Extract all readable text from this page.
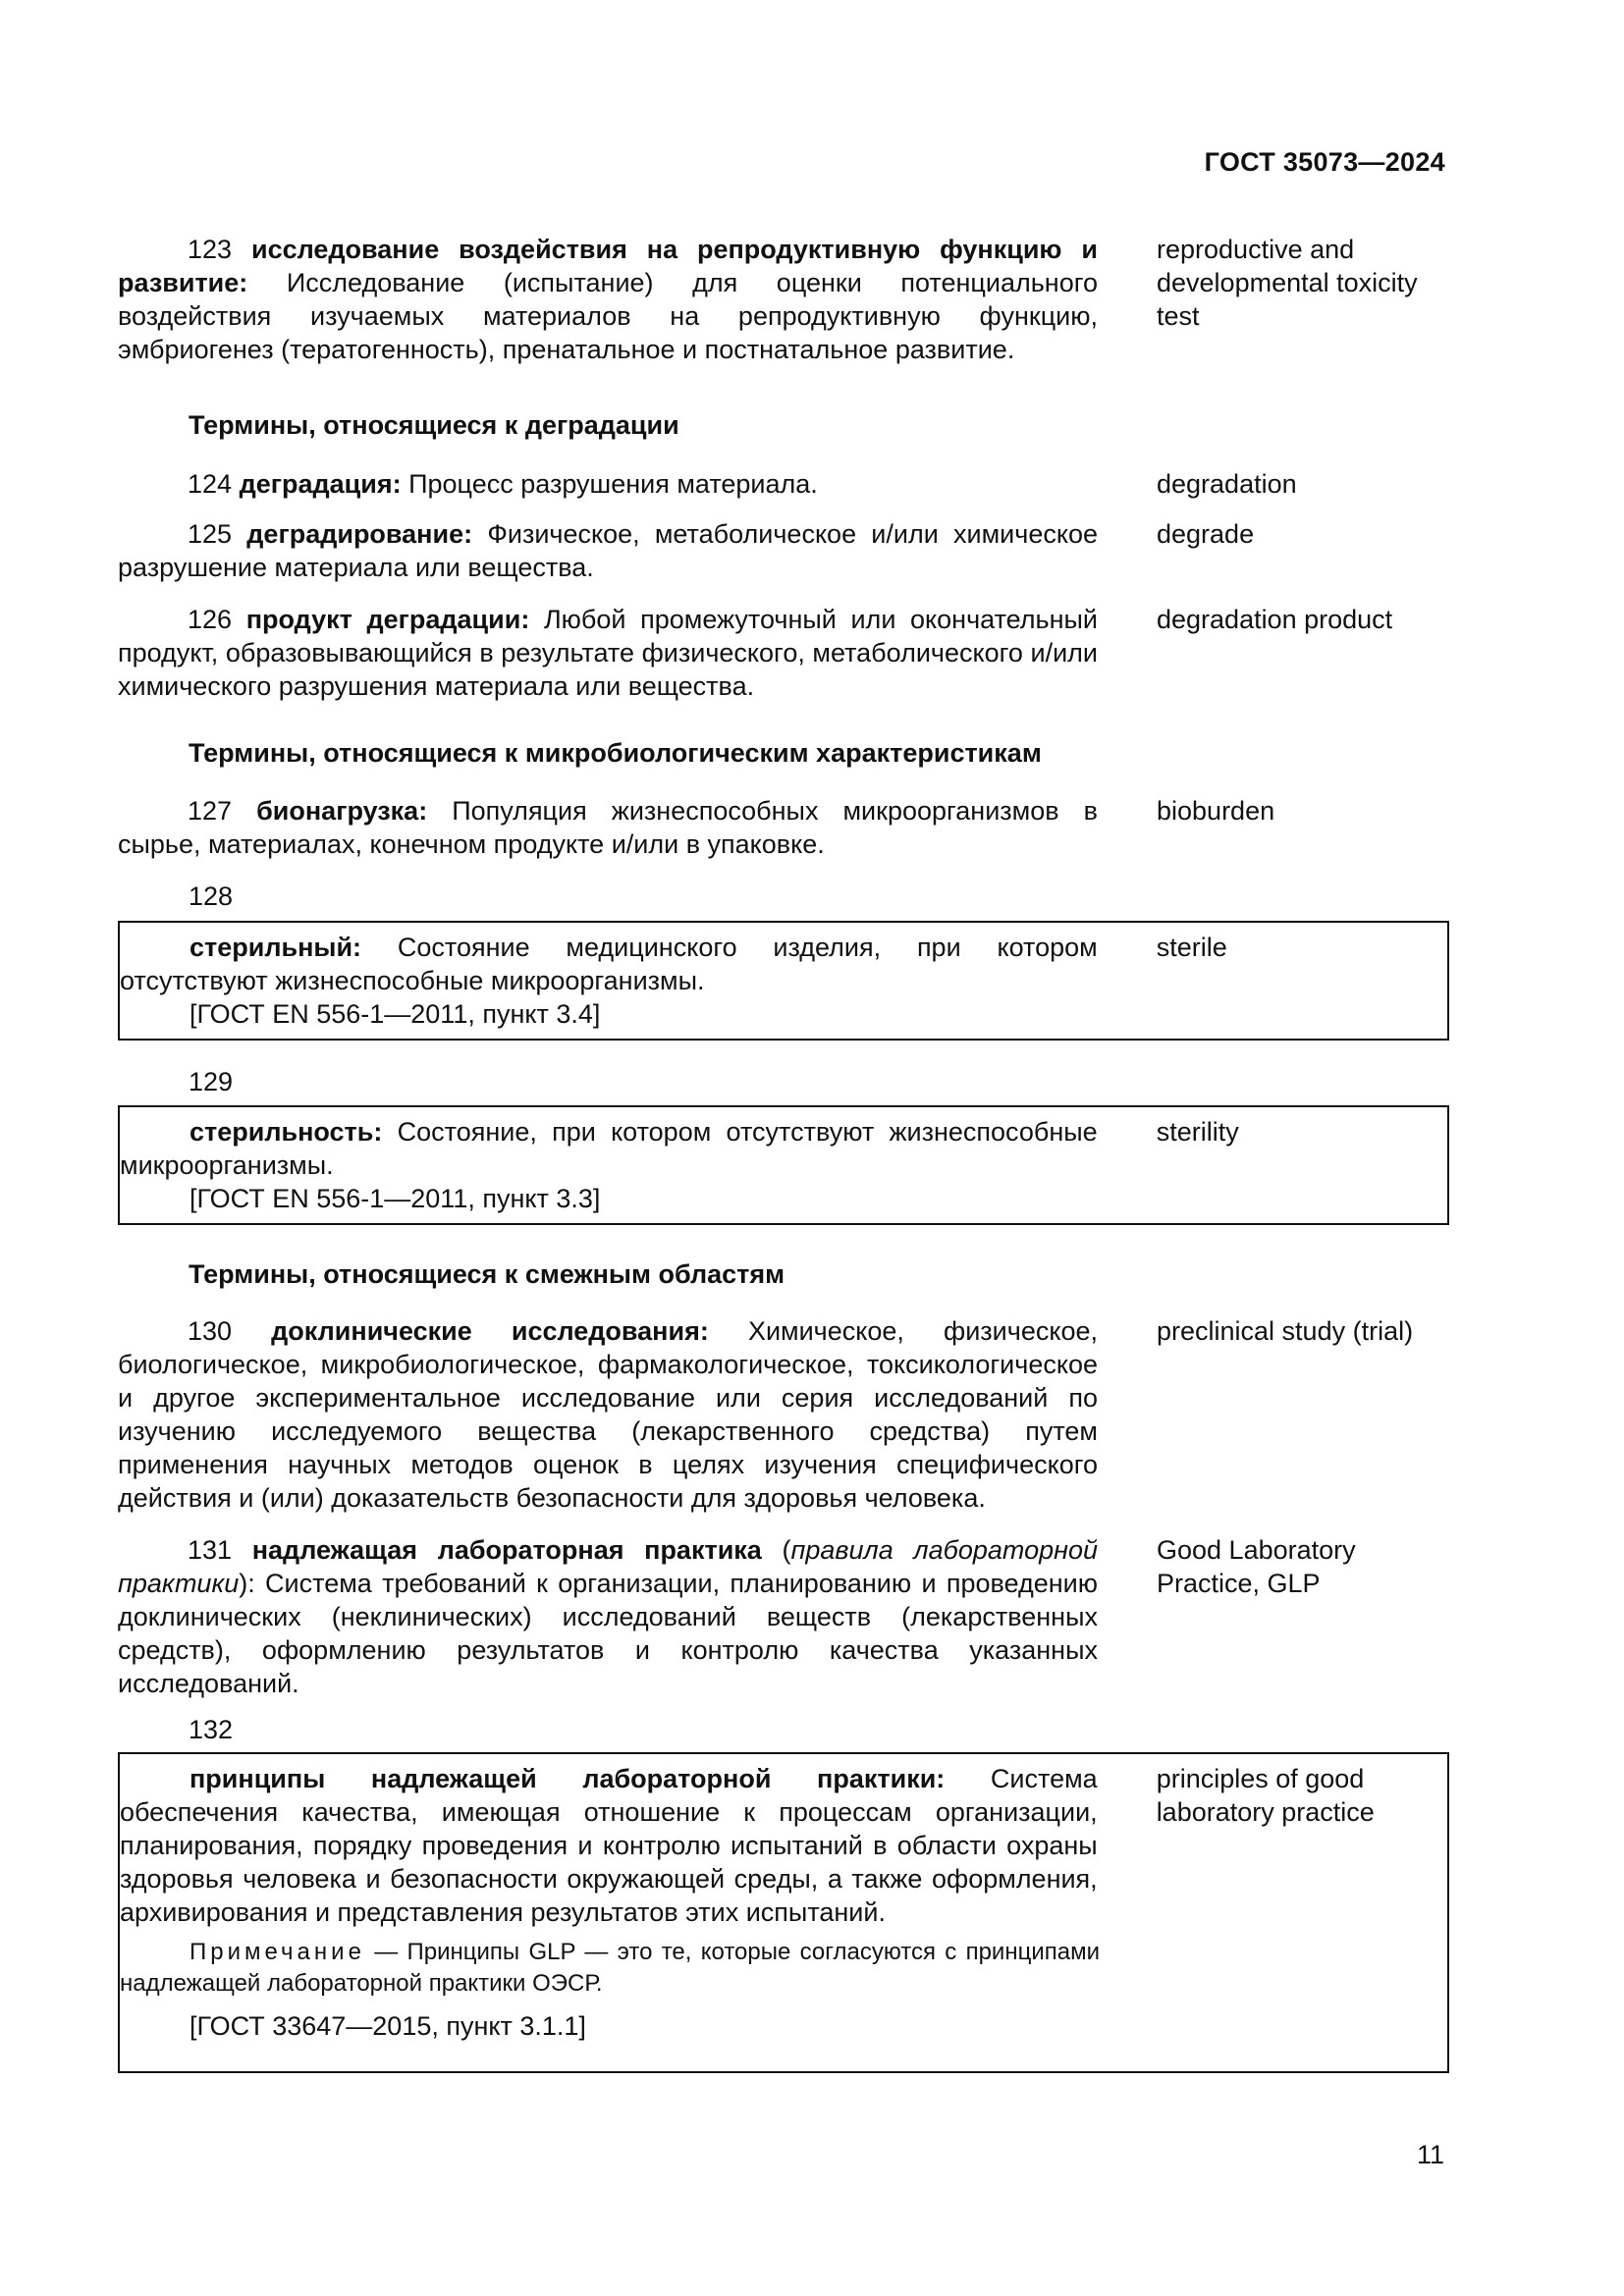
ГОСТ 35073—2024
123 исследование воздействия на репродуктивную функцию и развитие: Исследование (испытание) для оценки потенциального воздействия изучаемых материалов на репродуктивную функцию, эмбриогенез (тератогенность), пренатальное и постнатальное развитие.
reproductive and developmental toxicity test
Термины, относящиеся к деградации
124 деградация: Процесс разрушения материала.	degradation
125 деградирование: Физическое, метаболическое и/или химическое разрушение материала или вещества.
degrade
126 продукт деградации: Любой промежуточный или окончательный продукт, образовывающийся в результате физического, метаболического и/или химического разрушения материала или вещества.
degradation product
Термины, относящиеся к микробиологическим характеристикам
127 бионагрузка: Популяция жизнеспособных микроорганизмов в сырье, материалах, конечном продукте и/или в упаковке.
bioburden
128
стерильный: Состояние медицинского изделия, при котором отсутствуют жизнеспособные микроорганизмы.
sterile
[ГОСТ EN 556-1—2011, пункт 3.4]
129
стерильность: Состояние, при котором отсутствуют жизнеспособные микроорганизмы.
sterility
[ГОСТ EN 556-1—2011, пункт 3.3]
Термины, относящиеся к смежным областям
130 доклинические исследования: Химическое, физическое, биологическое, микробиологическое, фармакологическое, токсикологическое и другое экспериментальное исследование или серия исследований по изучению исследуемого вещества (лекарственного средства) путем применения научных методов оценок в целях изучения специфического действия и (или) доказательств безопасности для здоровья человека.
preclinical study (trial)
131 надлежащая лабораторная практика (правила лабораторной практики): Система требований к организации, планированию и проведению доклинических (неклинических) исследований веществ (лекарственных средств), оформлению результатов и контролю качества указанных исследований.
Good Laboratory Practice, GLP
132
принципы надлежащей лабораторной практики: Система обеспечения качества, имеющая отношение к процессам организации, планирования, порядку проведения и контролю испытаний в области охраны здоровья человека и безопасности окружающей среды, а также оформления, архивирования и представления результатов этих испытаний.
principles of good laboratory practice
Примечание — Принципы GLP — это те, которые согласуются с принципами надлежащей лабораторной практики ОЭСР.
[ГОСТ 33647—2015, пункт 3.1.1]
11
